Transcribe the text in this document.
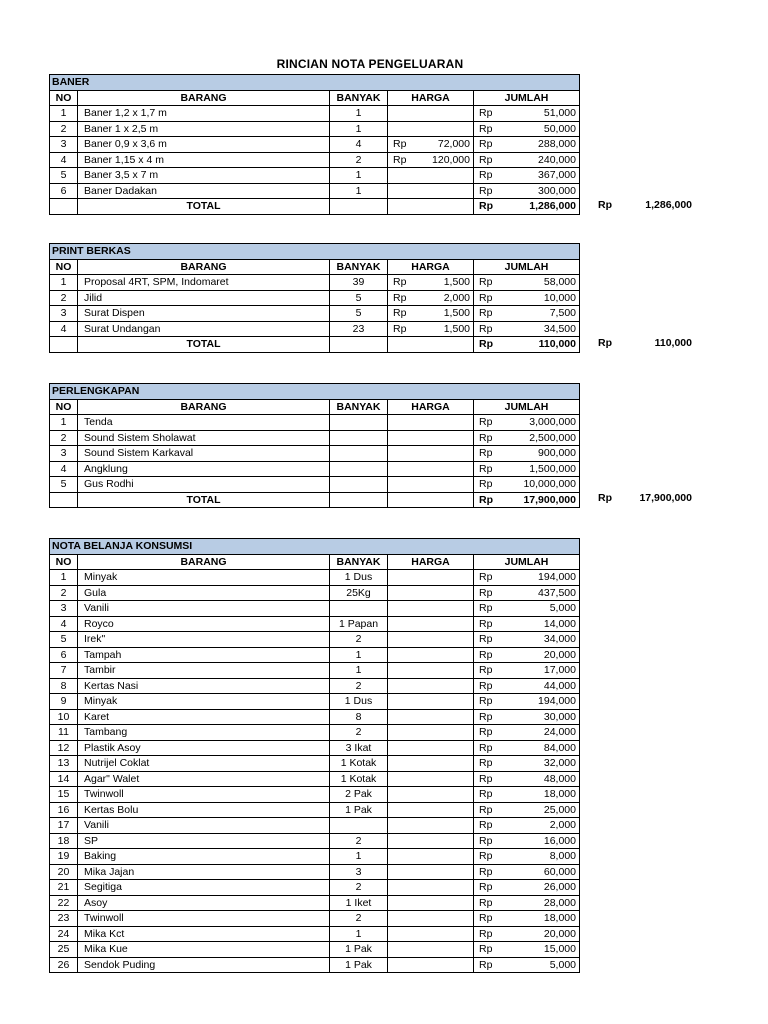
RINCIAN NOTA PENGELUARAN
BANER				
NO	BARANG	BANYAK	HARGA	JUMLAH
1	Baner 1,2 x 1,7 m	1		Rp 51,000
2	Baner 1 x 2,5 m	1		Rp 50,000
3	Baner 0,9 x 3,6 m	4	Rp 72,000	Rp 288,000
4	Baner 1,15 x 4 m	2	Rp 120,000	Rp 240,000
5	Baner 3,5 x 7 m	1		Rp 367,000
6	Baner Dadakan	1		Rp 300,000
	TOTAL			Rp 1,286,000 Rp	1,286,000
PRINT BERKAS				
NO	BARANG	BANYAK	HARGA	JUMLAH
1	Proposal 4RT, SPM, Indomaret	39	Rp 1,500	Rp 58,000
2	Jilid	5	Rp 2,000	Rp 10,000
3	Surat Dispen	5	Rp 1,500	Rp 7,500
4	Surat Undangan	23	Rp 1,500	Rp 34,500
	TOTAL			Rp 110,000 Rp	110,000
PERLENGKAPAN				
NO	BARANG	BANYAK	HARGA	JUMLAH
1	Tenda			Rp 3,000,000
2	Sound Sistem Sholawat			Rp 2,500,000
3	Sound Sistem Karkaval			Rp 900,000
4	Angklung			Rp 1,500,000
5	Gus Rodhi			Rp 10,000,000
	TOTAL			Rp 17,900,000 Rp	17,900,000
NOTA BELANJA KONSUMSI				
NO	BARANG	BANYAK	HARGA	JUMLAH
1	Minyak	1 Dus		Rp 194,000
2	Gula	25Kg		Rp 437,500
3	Vanili			Rp 5,000
4	Royco	1 Papan		Rp 14,000
5	Irek"	2		Rp 34,000
6	Tampah	1		Rp 20,000
7	Tambir	1		Rp 17,000
8	Kertas Nasi	2		Rp 44,000
9	Minyak	1 Dus		Rp 194,000
10	Karet	8		Rp 30,000
11	Tambang	2		Rp 24,000
12	Plastik Asoy	3 Ikat		Rp 84,000
13	Nutrijel Coklat	1 Kotak		Rp 32,000
14	Agar" Walet	1 Kotak		Rp 48,000
15	Twinwoll	2 Pak		Rp 18,000
16	Kertas Bolu	1 Pak		Rp 25,000
17	Vanili			Rp 2,000
18	SP	2		Rp 16,000
19	Baking	1		Rp 8,000
20	Mika Jajan	3		Rp 60,000
21	Segitiga	2		Rp 26,000
22	Asoy	1 Iket		Rp 28,000
23	Twinwoll	2		Rp 18,000
24	Mika Kct	1		Rp 20,000
25	Mika Kue	1 Pak		Rp 15,000
26	Sendok Puding	1 Pak		Rp 5,000
